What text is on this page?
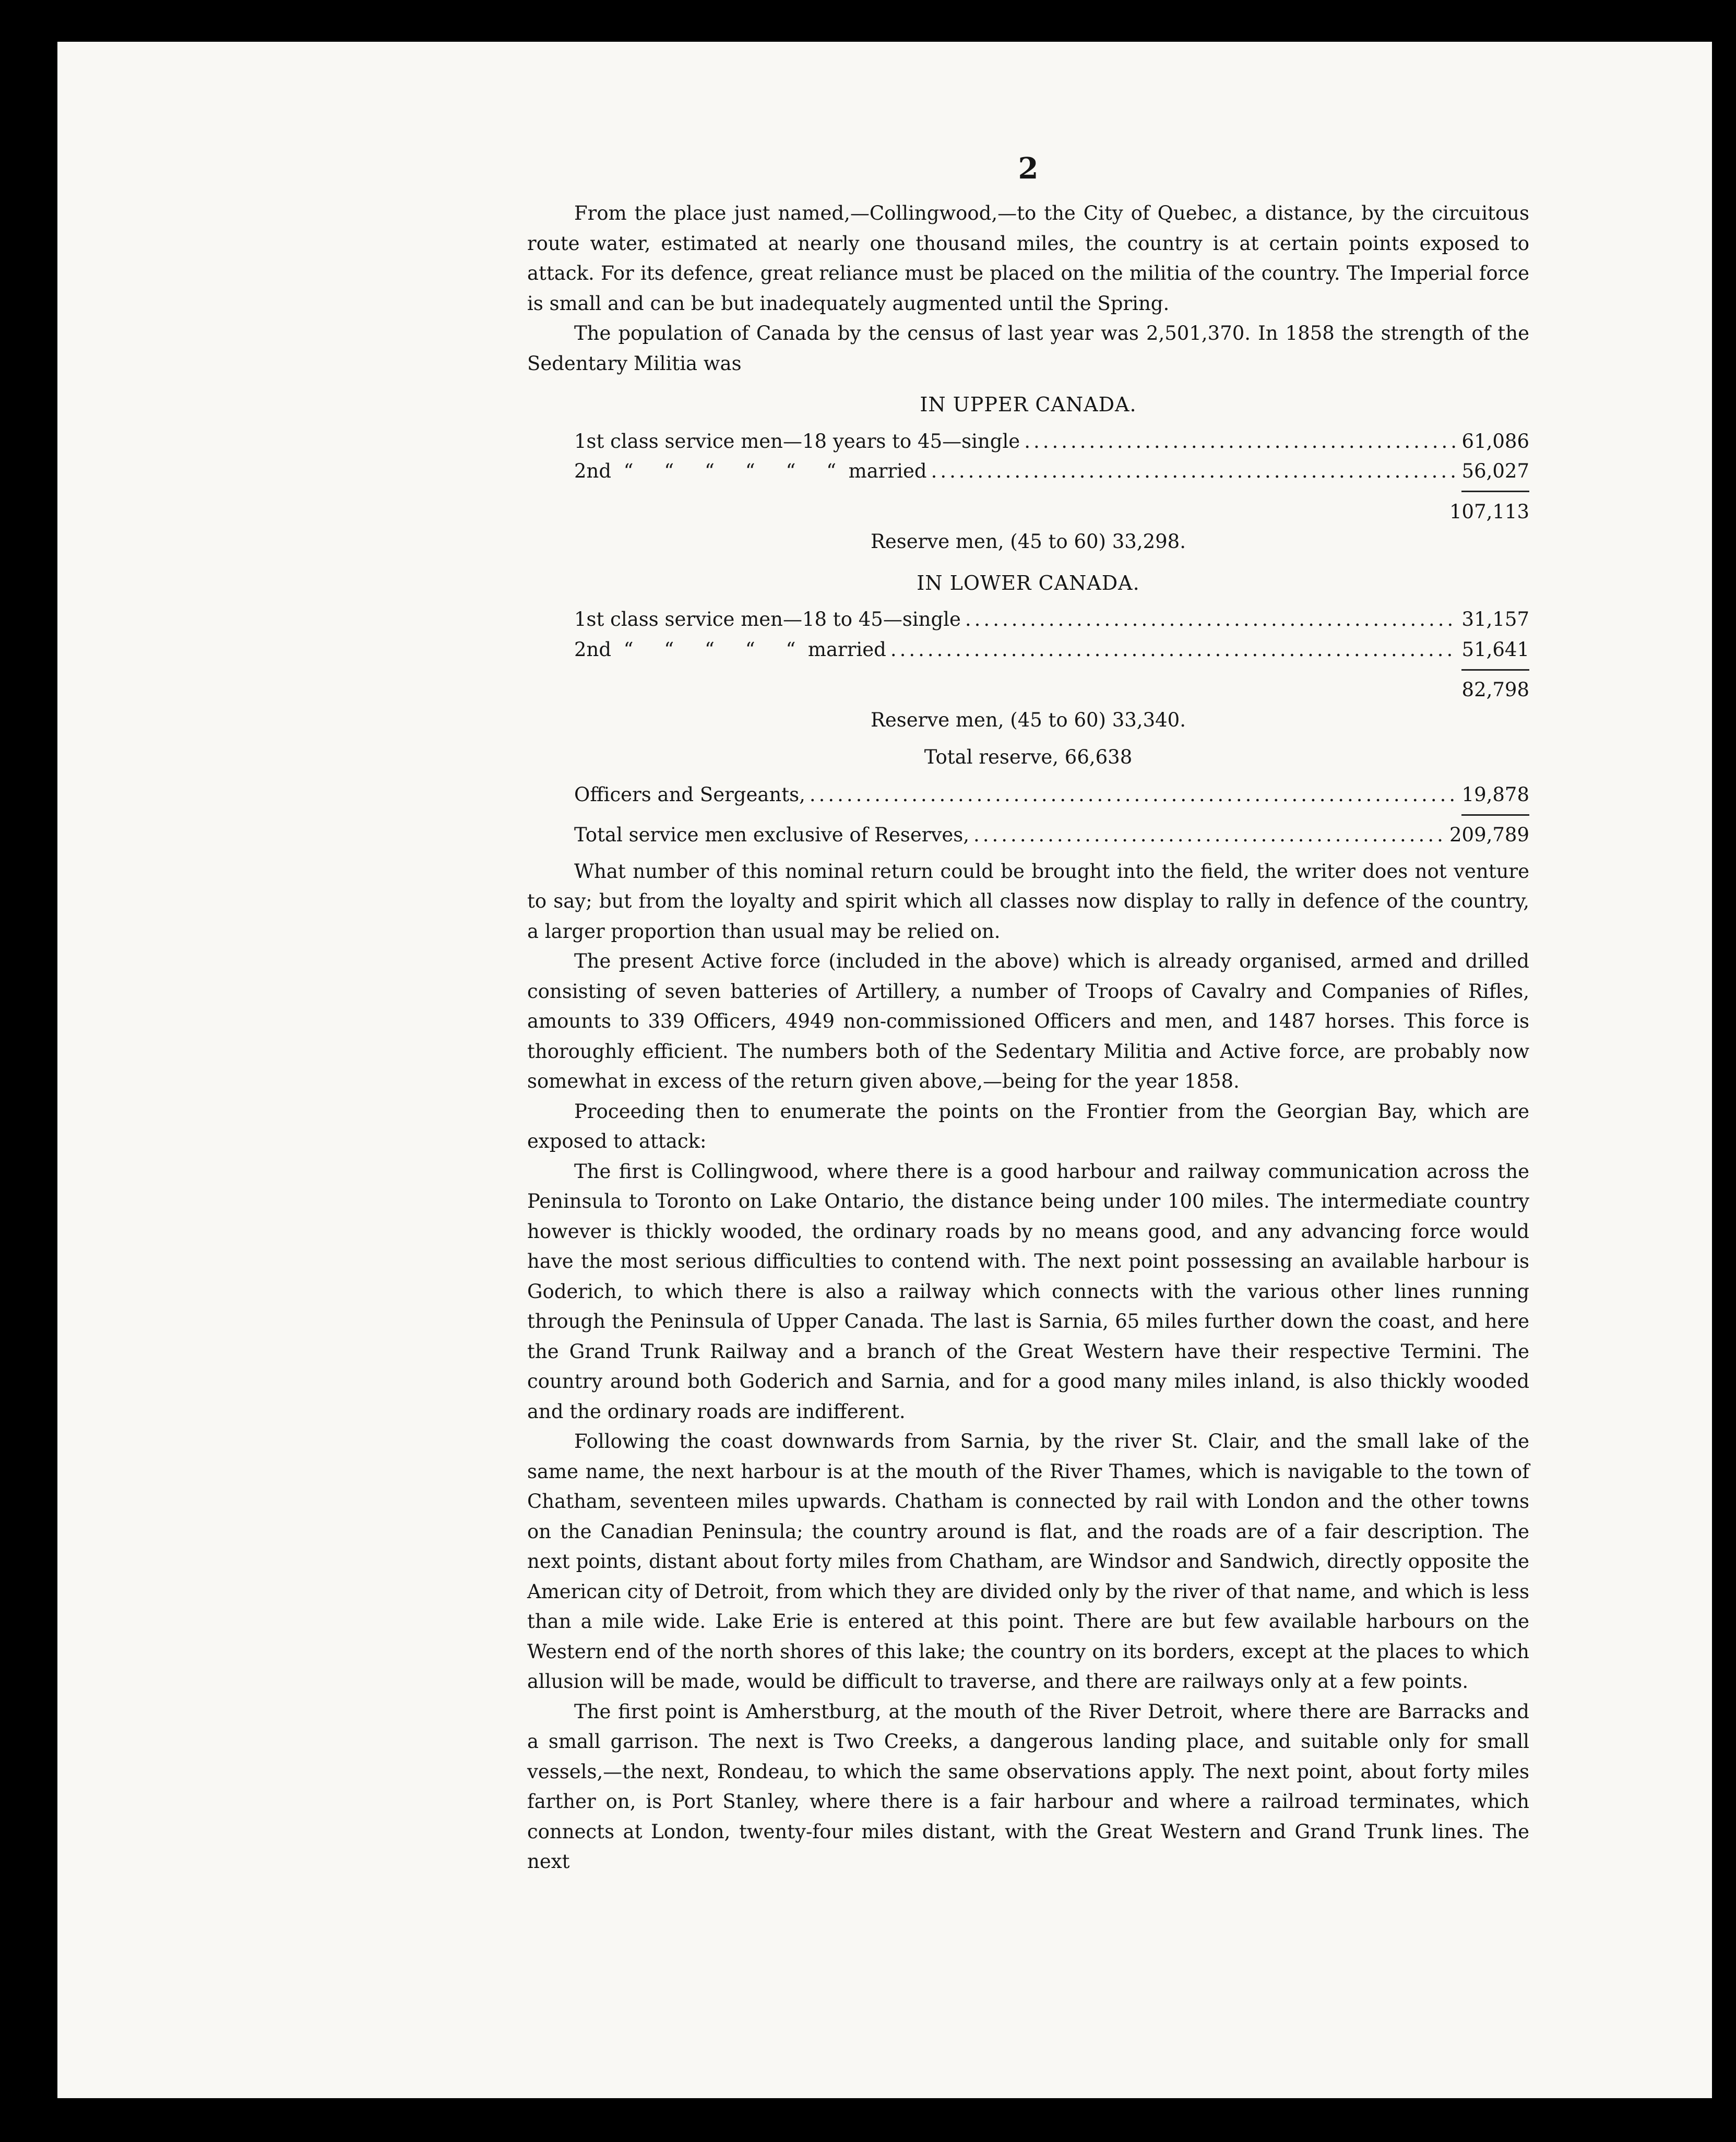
2

From the place just named,—Collingwood,—to the City of Quebec, a distance, by the circuitous route water, estimated at nearly one thousand miles, the country is at certain points exposed to attack. For its defence, great reliance must be placed on the militia of the country. The Imperial force is small and can be but inadequately augmented until the Spring.

The population of Canada by the census of last year was 2,501,370. In 1858 the strength of the Sedentary Militia was

IN UPPER CANADA.
1st class service men—18 years to 45—single .....	61,086
2nd  “     “     “     “     “     “  married .....	56,027
107,113
Reserve men, (45 to 60) 33,298.
IN LOWER CANADA.
1st class service men—18 to 45—single .....	31,157
2nd  “     “     “     “     “  married .....	51,641
82,798
Reserve men, (45 to 60) 33,340.
Total reserve, 66,638
Officers and Sergeants, .....	19,878
Total service men exclusive of Reserves, .....	209,789

What number of this nominal return could be brought into the field, the writer does not venture to say; but from the loyalty and spirit which all classes now display to rally in defence of the country, a larger proportion than usual may be relied on.

The present Active force (included in the above) which is already organised, armed and drilled consisting of seven batteries of Artillery, a number of Troops of Cavalry and Companies of Rifles, amounts to 339 Officers, 4949 non-commissioned Officers and men, and 1487 horses. This force is thoroughly efficient. The numbers both of the Sedentary Militia and Active force, are probably now somewhat in excess of the return given above,—being for the year 1858.

Proceeding then to enumerate the points on the Frontier from the Georgian Bay, which are exposed to attack:

The first is Collingwood, where there is a good harbour and railway communication across the Peninsula to Toronto on Lake Ontario, the distance being under 100 miles. The intermediate country however is thickly wooded, the ordinary roads by no means good, and any advancing force would have the most serious difficulties to contend with. The next point possessing an available harbour is Goderich, to which there is also a railway which connects with the various other lines running through the Peninsula of Upper Canada. The last is Sarnia, 65 miles further down the coast, and here the Grand Trunk Railway and a branch of the Great Western have their respective Termini. The country around both Goderich and Sarnia, and for a good many miles inland, is also thickly wooded and the ordinary roads are indifferent.

Following the coast downwards from Sarnia, by the river St. Clair, and the small lake of the same name, the next harbour is at the mouth of the River Thames, which is navigable to the town of Chatham, seventeen miles upwards. Chatham is connected by rail with London and the other towns on the Canadian Peninsula; the country around is flat, and the roads are of a fair description. The next points, distant about forty miles from Chatham, are Windsor and Sandwich, directly opposite the American city of Detroit, from which they are divided only by the river of that name, and which is less than a mile wide. Lake Erie is entered at this point. There are but few available harbours on the Western end of the north shores of this lake; the country on its borders, except at the places to which allusion will be made, would be difficult to traverse, and there are railways only at a few points.

The first point is Amherstburg, at the mouth of the River Detroit, where there are Barracks and a small garrison. The next is Two Creeks, a dangerous landing place, and suitable only for small vessels,—the next, Rondeau, to which the same observations apply. The next point, about forty miles farther on, is Port Stanley, where there is a fair harbour and where a railroad terminates, which connects at London, twenty-four miles distant, with the Great Western and Grand Trunk lines. The next
